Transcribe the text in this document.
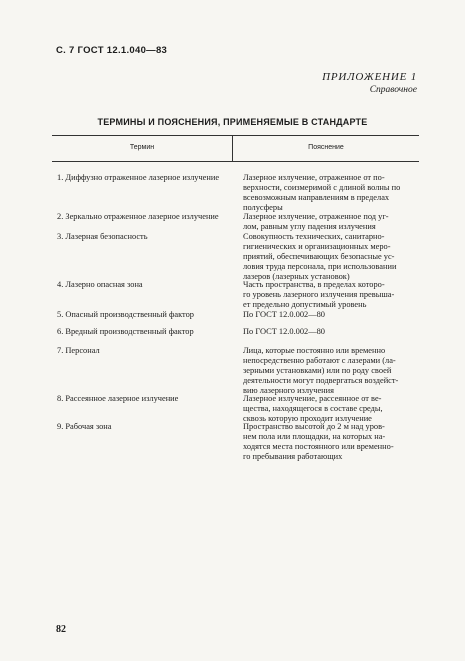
С. 7 ГОСТ 12.1.040—83
ПРИЛОЖЕНИЕ 1
Справочное
ТЕРМИНЫ И ПОЯСНЕНИЯ, ПРИМЕНЯЕМЫЕ В СТАНДАРТЕ
Термин	Пояснение
1. Диффузно отраженное лазерное излучение	Лазерное излучение, отраженное от по-
верхности, соизмеримой с длиной волны по
всевозможным направлениям в пределах
полусферы
2. Зеркально отраженное лазерное излучение	Лазерное излучение, отраженное под уг-
лом, равным углу падения излучения
3. Лазерная безопасность	Совокупность технических, санитарно-
гигиенических и организационных меро-
приятий, обеспечивающих безопасные ус-
ловия труда персонала, при использовании
лазеров (лазерных установок)
4. Лазерно опасная зона	Часть пространства, в пределах которо-
го уровень лазерного излучения превыша-
ет предельно допустимый уровень
5. Опасный производственный фактор	По ГОСТ 12.0.002—80
6. Вредный производственный фактор	По ГОСТ 12.0.002—80
7. Персонал	Лица, которые постоянно или временно
непосредственно работают с лазерами (ла-
зерными установками) или по роду своей
деятельности могут подвергаться воздейст-
вию лазерного излучения
8. Рассеянное лазерное излучение	Лазерное излучение, рассеянное от ве-
щества, находящегося в составе среды,
сквозь которую проходит излучение
9. Рабочая зона	Пространство высотой до 2 м над уров-
нем пола или площадки, на которых на-
ходятся места постоянного или временно-
го пребывания работающих
82
